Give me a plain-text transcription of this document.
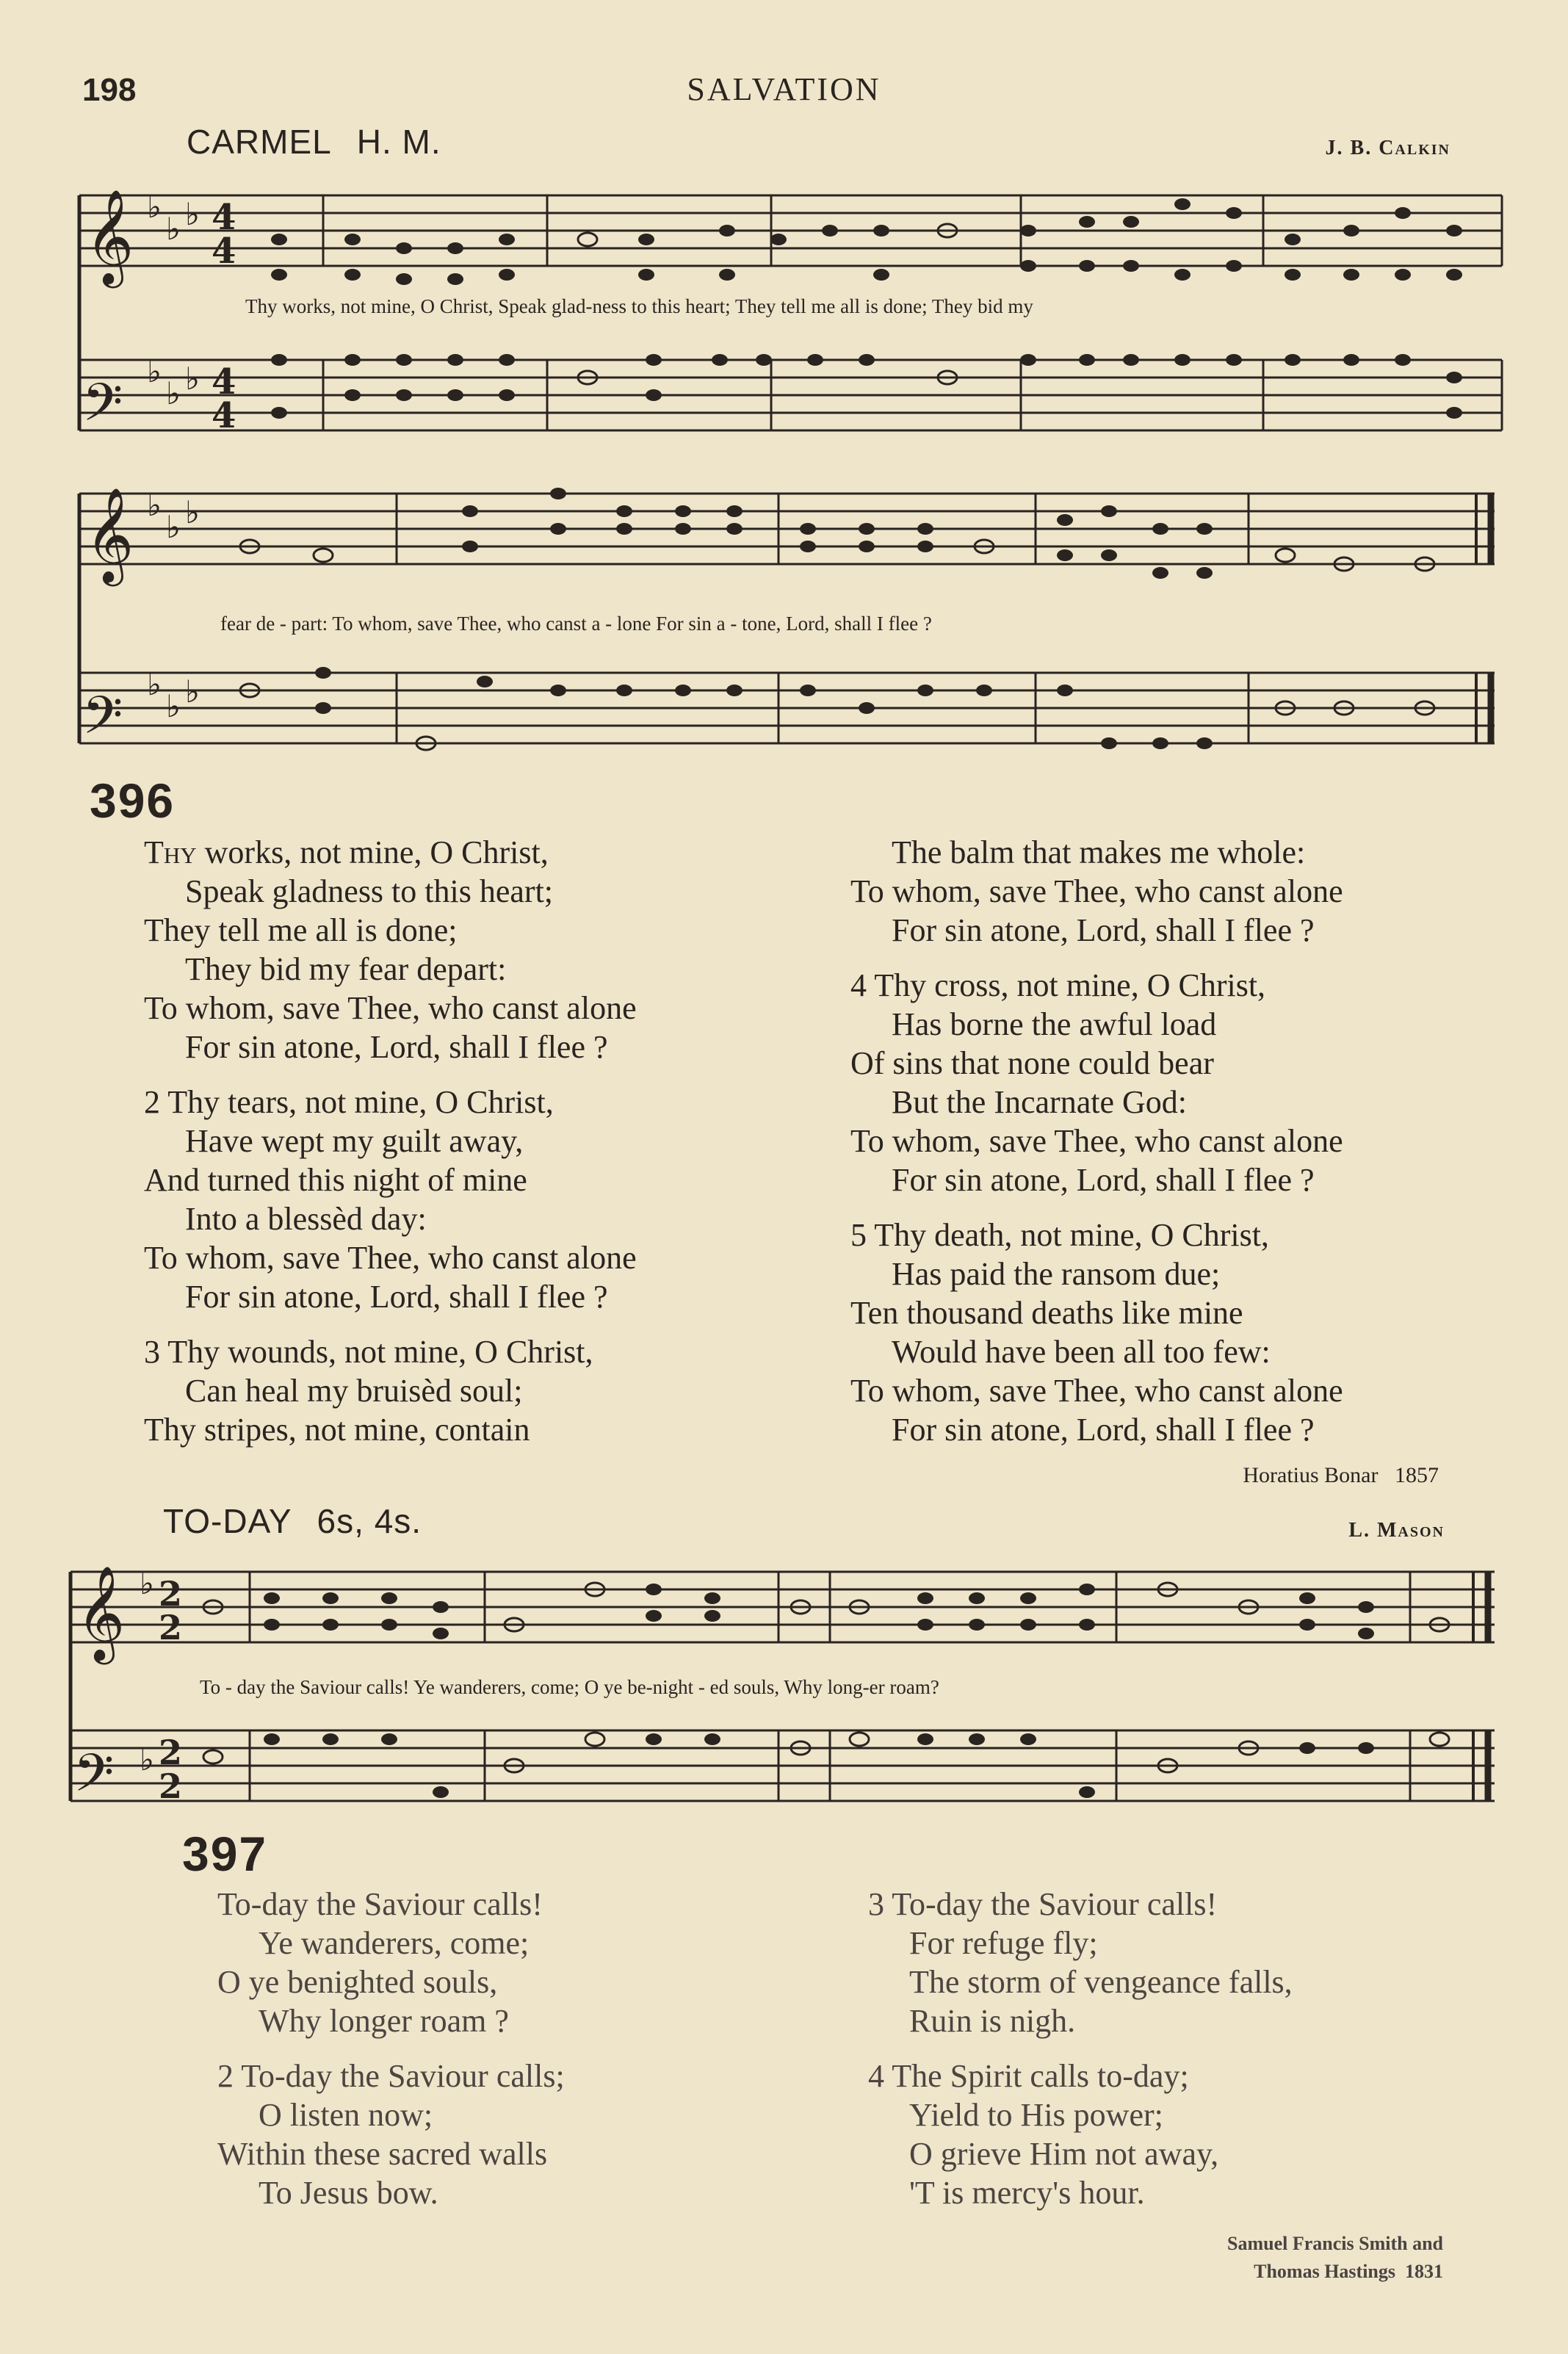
198	SALVATION
CARMEL H. M.	J. B. Calkin
𝄞
𝄢
♭
♭ ♭
♭
♭ ♭
4
4
4
4
𝄞
𝄢
♭
♭ ♭
♭
♭ ♭
Thy works, not mine, O Christ, Speak glad-ness to this heart; They tell me all is done; They bid my
fear de - part: To whom, save Thee, who canst a - lone For sin a - tone, Lord, shall I flee ?
396
Thy works, not mine, O Christ,
Speak gladness to this heart;
They tell me all is done;
They bid my fear depart:
To whom, save Thee, who canst alone
For sin atone, Lord, shall I flee ?
2 Thy tears, not mine, O Christ,
Have wept my guilt away,
And turned this night of mine
Into a blessèd day:
To whom, save Thee, who canst alone
For sin atone, Lord, shall I flee ?
3 Thy wounds, not mine, O Christ,
Can heal my bruisèd soul;
Thy stripes, not mine, contain
The balm that makes me whole:
To whom, save Thee, who canst alone
For sin atone, Lord, shall I flee ?
4 Thy cross, not mine, O Christ,
Has borne the awful load
Of sins that none could bear
But the Incarnate God:
To whom, save Thee, who canst alone
For sin atone, Lord, shall I flee ?
5 Thy death, not mine, O Christ,
Has paid the ransom due;
Ten thousand deaths like mine
Would have been all too few:
To whom, save Thee, who canst alone
For sin atone, Lord, shall I flee ?
Horatius Bonar 1857
TO-DAY 6s, 4s.	L. Mason
𝄞
𝄢
♭
♭
2
2
2
2
To - day the Saviour calls! Ye wanderers, come; O ye be-night - ed souls, Why long-er roam?
397
To-day the Saviour calls!
Ye wanderers, come;
O ye benighted souls,
Why longer roam ?
2 To-day the Saviour calls;
O listen now;
Within these sacred walls
To Jesus bow.
3 To-day the Saviour calls!
For refuge fly;
The storm of vengeance falls,
Ruin is nigh.
4 The Spirit calls to-day;
Yield to His power;
O grieve Him not away,
'T is mercy's hour.
Samuel Francis Smith and
Thomas Hastings 1831
